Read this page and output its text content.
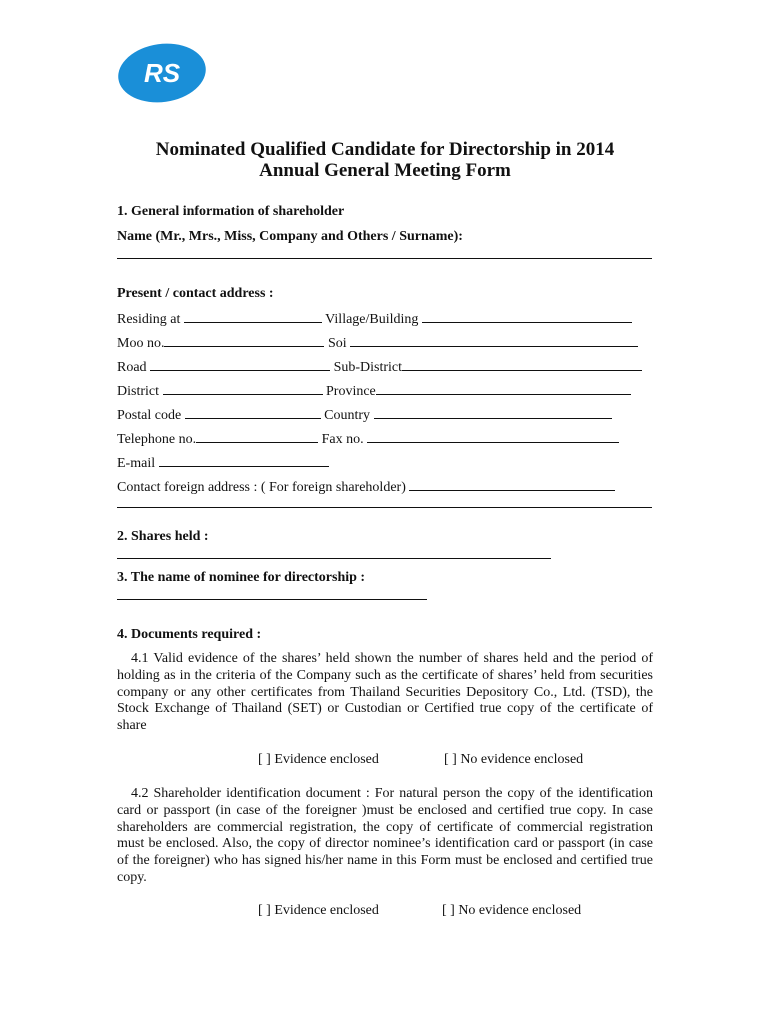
RS
Nominated Qualified Candidate for Directorship in 2014
Annual General Meeting Form
1. General information of shareholder
Name (Mr., Mrs., Miss, Company and Others / Surname):
Present / contact address :
Residing at	Village/Building
Moo no.	Soi
Road	Sub-District
District	Province
Postal code	Country
Telephone no.	Fax no.
E-mail
Contact foreign address : ( For foreign shareholder)
2. Shares held :
3. The name of nominee for directorship :
4. Documents required :
4.1 Valid evidence of the shares’ held shown the number of shares held and the period of holding as in the criteria of the Company such as the certificate of shares’ held from securities company or any other certificates from Thailand Securities Depository Co., Ltd. (TSD), the Stock Exchange of Thailand (SET) or Custodian or Certified true copy of the certificate of share
[ ] Evidence enclosed	[ ] No evidence enclosed
4.2 Shareholder identification document : For natural person the copy of the identification card or passport (in case of the foreigner )must be enclosed and certified true copy. In case shareholders are commercial registration, the copy of certificate of commercial registration must be enclosed. Also, the copy of director nominee’s identification card or passport (in case of the foreigner) who has signed his/her name in this Form must be enclosed and certified true copy.
[ ] Evidence enclosed	[ ] No evidence enclosed
